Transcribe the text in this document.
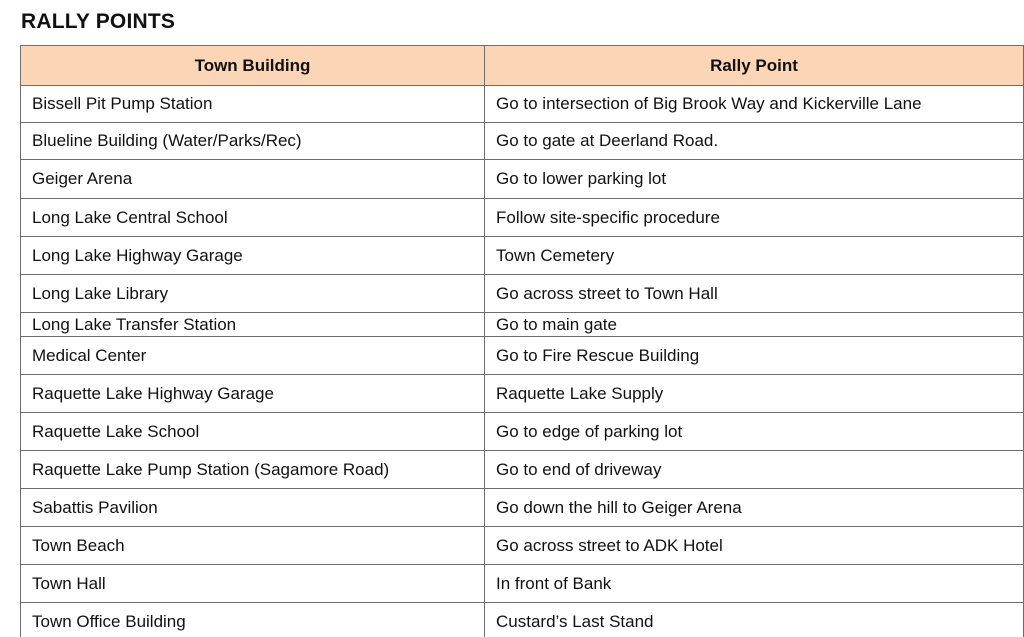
RALLY POINTS
Town Building	Rally Point
Bissell Pit Pump Station	Go to intersection of Big Brook Way and Kickerville Lane
Blueline Building (Water/Parks/Rec)	Go to gate at Deerland Road.
Geiger Arena	Go to lower parking lot
Long Lake Central School	Follow site-specific procedure
Long Lake Highway Garage	Town Cemetery
Long Lake Library	Go across street to Town Hall
Long Lake Transfer Station	Go to main gate
Medical Center	Go to Fire Rescue Building
Raquette Lake Highway Garage	Raquette Lake Supply
Raquette Lake School	Go to edge of parking lot
Raquette Lake Pump Station (Sagamore Road)	Go to end of driveway
Sabattis Pavilion	Go down the hill to Geiger Arena
Town Beach	Go across street to ADK Hotel
Town Hall	In front of Bank
Town Office Building	Custard’s Last Stand
